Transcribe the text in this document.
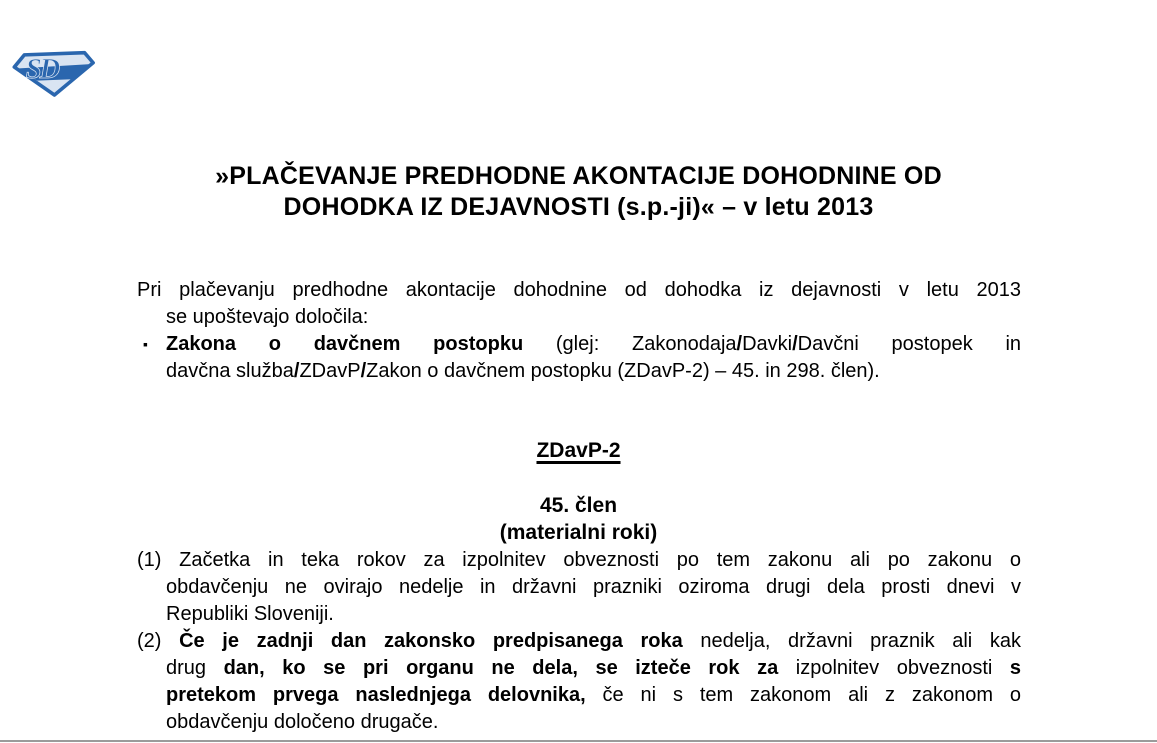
SD
»PLAČEVANJE PREDHODNE AKONTACIJE DOHODNINE OD
DOHODKA IZ DEJAVNOSTI (s.p.-ji)« – v letu 2013
Pri plačevanju predhodne akontacije dohodnine od dohodka iz dejavnosti v letu 2013
se upoštevajo določila:
▪ Zakona o davčnem postopku (glej: Zakonodaja/Davki/Davčni postopek in
davčna služba/ZDavP/Zakon o davčnem postopku (ZDavP-2) – 45. in 298. člen).
ZDavP-2
45. člen
(materialni roki)
(1) Začetka in teka rokov za izpolnitev obveznosti po tem zakonu ali po zakonu o
obdavčenju ne ovirajo nedelje in državni prazniki oziroma drugi dela prosti dnevi v
Republiki Sloveniji.
(2) Če je zadnji dan zakonsko predpisanega roka nedelja, državni praznik ali kak
drug dan, ko se pri organu ne dela, se izteče rok za izpolnitev obveznosti s
pretekom prvega naslednjega delovnika, če ni s tem zakonom ali z zakonom o
obdavčenju določeno drugače.
